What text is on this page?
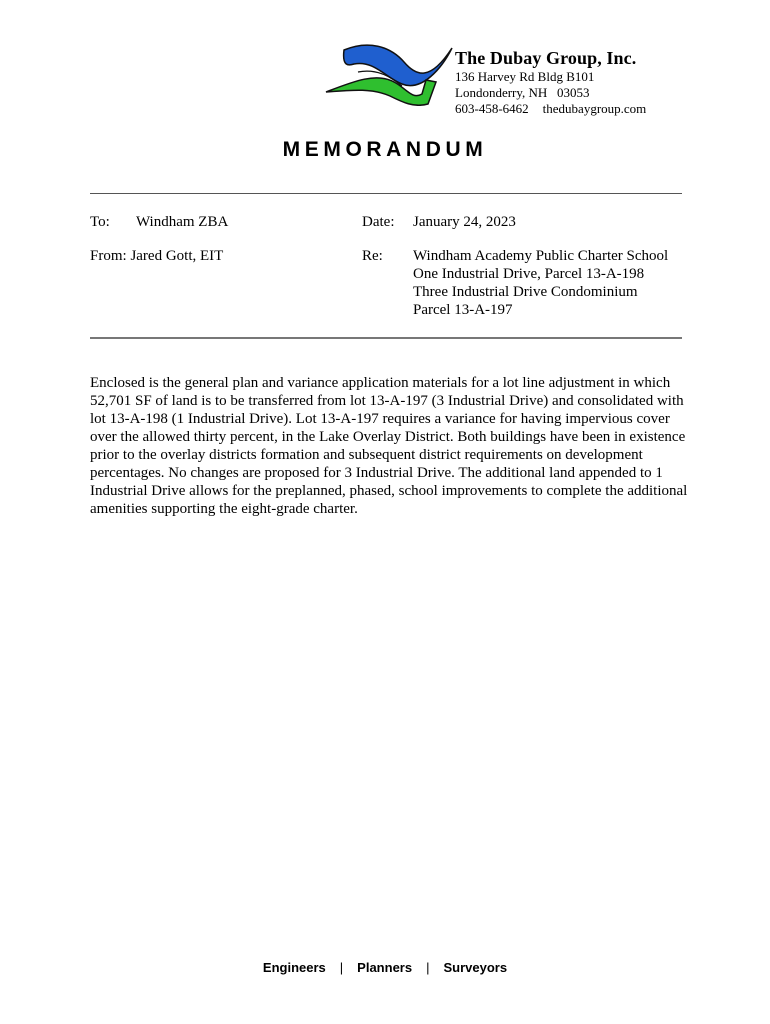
The Dubay Group, Inc.
136 Harvey Rd Bldg B101
Londonderry, NH   03053
603-458-6462 thedubaygroup.com
MEMORANDUM
To: Windham ZBA
From: Jared Gott, EIT
Date: January 24, 2023
Re: Windham Academy Public Charter School
One Industrial Drive, Parcel 13-A-198
Three Industrial Drive Condominium
Parcel 13-A-197
Enclosed is the general plan and variance application materials for a lot line adjustment in which 52,701 SF of land is to be transferred from lot 13-A-197 (3 Industrial Drive) and consolidated with lot 13-A-198 (1 Industrial Drive). Lot 13-A-197 requires a variance for having impervious cover over the allowed thirty percent, in the Lake Overlay District. Both buildings have been in existence prior to the overlay districts formation and subsequent district requirements on development percentages. No changes are proposed for 3 Industrial Drive. The additional land appended to 1 Industrial Drive allows for the preplanned, phased, school improvements to complete the additional amenities supporting the eight-grade charter.
Engineers | Planners | Surveyors
